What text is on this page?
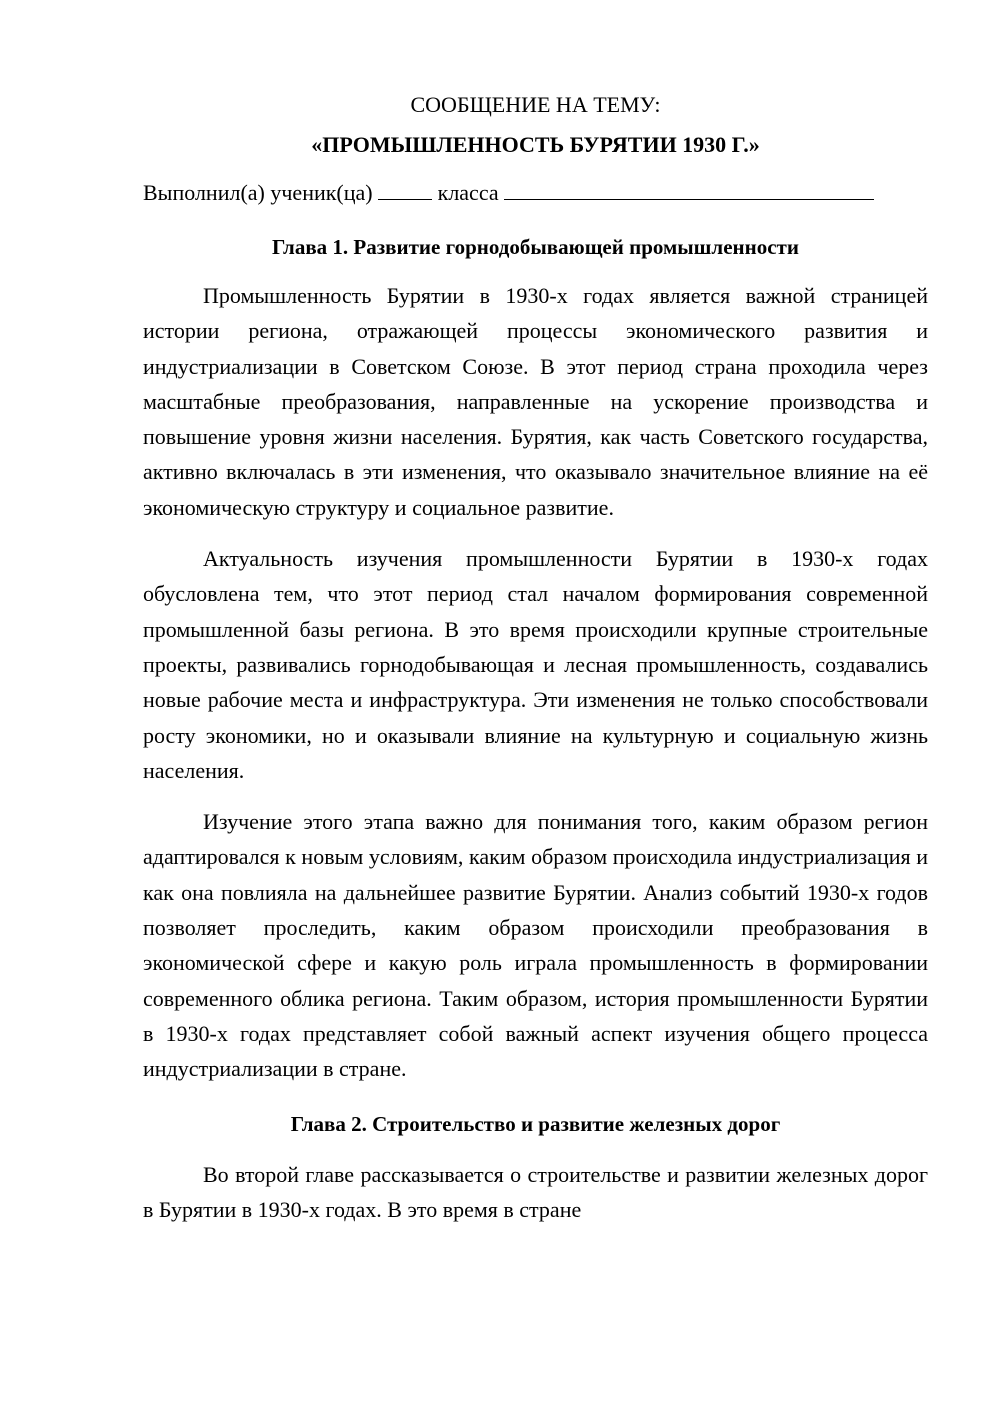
СООБЩЕНИЕ НА ТЕМУ:
«ПРОМЫШЛЕННОСТЬ БУРЯТИИ 1930 Г.»
Выполнил(а) ученик(ца)	класса
Глава 1. Развитие горнодобывающей промышленности

Промышленность Бурятии в 1930-х годах является важной страницей истории региона, отражающей процессы экономического развития и индустриализации в Советском Союзе. В этот период страна проходила через масштабные преобразования, направленные на ускорение производства и повышение уровня жизни населения. Бурятия, как часть Советского государства, активно включалась в эти изменения, что оказывало значительное влияние на её экономическую структуру и социальное развитие.

Актуальность изучения промышленности Бурятии в 1930-х годах обусловлена тем, что этот период стал началом формирования современной промышленной базы региона. В это время происходили крупные строительные проекты, развивались горнодобывающая и лесная промышленность, создавались новые рабочие места и инфраструктура. Эти изменения не только способствовали росту экономики, но и оказывали влияние на культурную и социальную жизнь населения.

Изучение этого этапа важно для понимания того, каким образом регион адаптировался к новым условиям, каким образом происходила индустриализация и как она повлияла на дальнейшее развитие Бурятии. Анализ событий 1930-х годов позволяет проследить, каким образом происходили преобразования в экономической сфере и какую роль играла промышленность в формировании современного облика региона. Таким образом, история промышленности Бурятии в 1930-х годах представляет собой важный аспект изучения общего процесса индустриализации в стране.

Глава 2. Строительство и развитие железных дорог

Во второй главе рассказывается о строительстве и развитии железных дорог в Бурятии в 1930-х годах. В это время в стране
